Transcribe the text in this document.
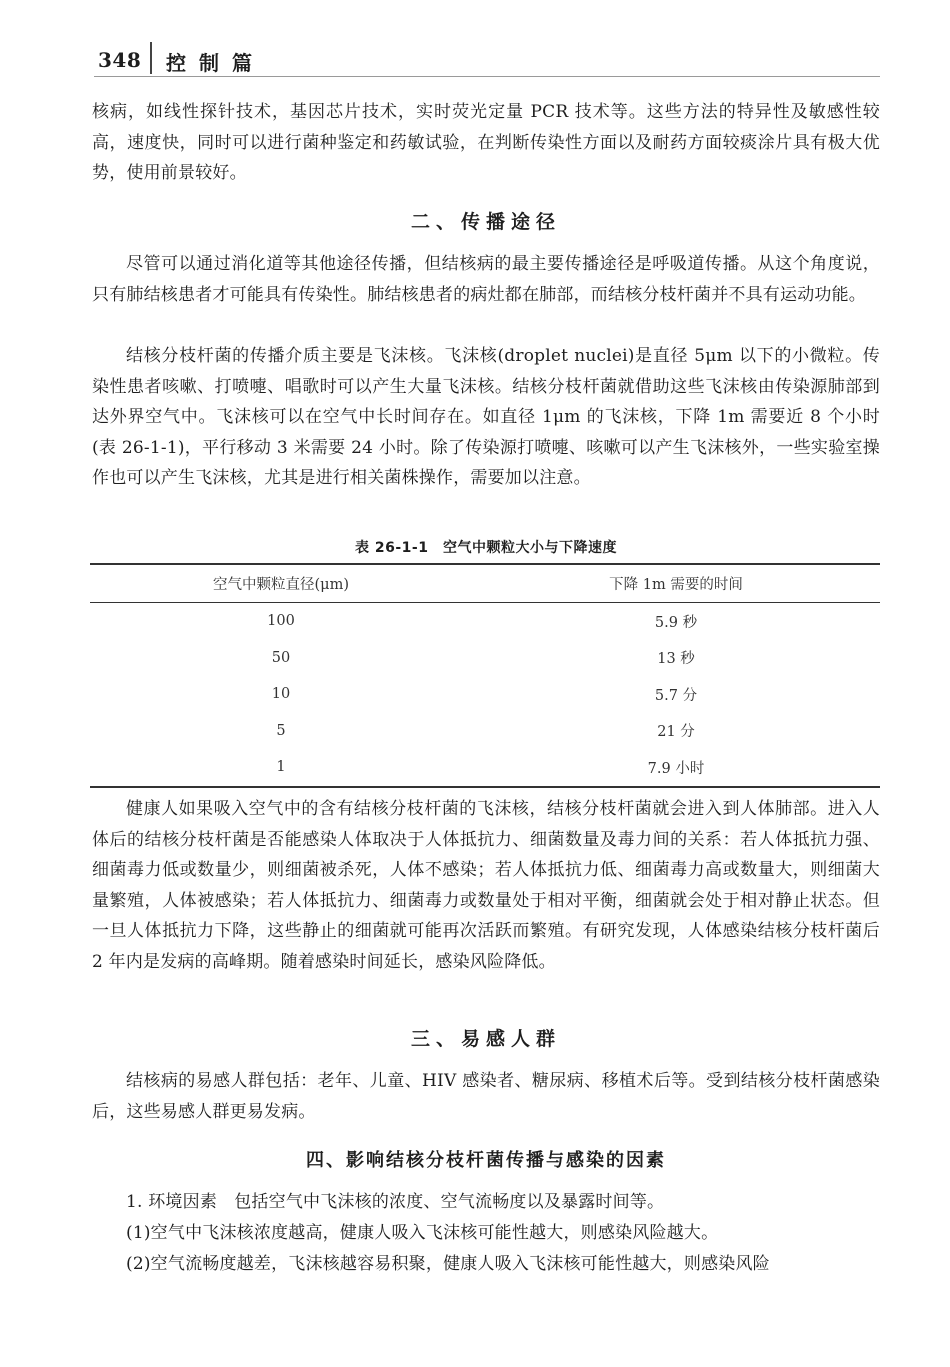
348 控制篇

核病，如线性探针技术，基因芯片技术，实时荧光定量 PCR 技术等。这些方法的特异性及敏感性较高，速度快，同时可以进行菌种鉴定和药敏试验，在判断传染性方面以及耐药方面较痰涂片具有极大优势，使用前景较好。

二、传播途径

尽管可以通过消化道等其他途径传播，但结核病的最主要传播途径是呼吸道传播。从这个角度说，只有肺结核患者才可能具有传染性。肺结核患者的病灶都在肺部，而结核分枝杆菌并不具有运动功能。

结核分枝杆菌的传播介质主要是飞沫核。飞沫核(droplet nuclei)是直径 5μm 以下的小微粒。传染性患者咳嗽、打喷嚏、唱歌时可以产生大量飞沫核。结核分枝杆菌就借助这些飞沫核由传染源肺部到达外界空气中。飞沫核可以在空气中长时间存在。如直径 1μm 的飞沫核，下降 1m 需要近 8 个小时(表 26-1-1)，平行移动 3 米需要 24 小时。除了传染源打喷嚏、咳嗽可以产生飞沫核外，一些实验室操作也可以产生飞沫核，尤其是进行相关菌株操作，需要加以注意。

表 26-1-1　空气中颗粒大小与下降速度
空气中颗粒直径(μm)	下降 1m 需要的时间
100	5.9 秒
50	13 秒
10	5.7 分
5	21 分
1	7.9 小时

健康人如果吸入空气中的含有结核分枝杆菌的飞沫核，结核分枝杆菌就会进入到人体肺部。进入人体后的结核分枝杆菌是否能感染人体取决于人体抵抗力、细菌数量及毒力间的关系：若人体抵抗力强、细菌毒力低或数量少，则细菌被杀死，人体不感染；若人体抵抗力低、细菌毒力高或数量大，则细菌大量繁殖，人体被感染；若人体抵抗力、细菌毒力或数量处于相对平衡，细菌就会处于相对静止状态。但一旦人体抵抗力下降，这些静止的细菌就可能再次活跃而繁殖。有研究发现，人体感染结核分枝杆菌后 2 年内是发病的高峰期。随着感染时间延长，感染风险降低。

三、易感人群

结核病的易感人群包括：老年、儿童、HIV 感染者、糖尿病、移植术后等。受到结核分枝杆菌感染后，这些易感人群更易发病。

四、影响结核分枝杆菌传播与感染的因素

1. 环境因素　包括空气中飞沫核的浓度、空气流畅度以及暴露时间等。

(1)空气中飞沫核浓度越高，健康人吸入飞沫核可能性越大，则感染风险越大。

(2)空气流畅度越差，飞沫核越容易积聚，健康人吸入飞沫核可能性越大，则感染风险
